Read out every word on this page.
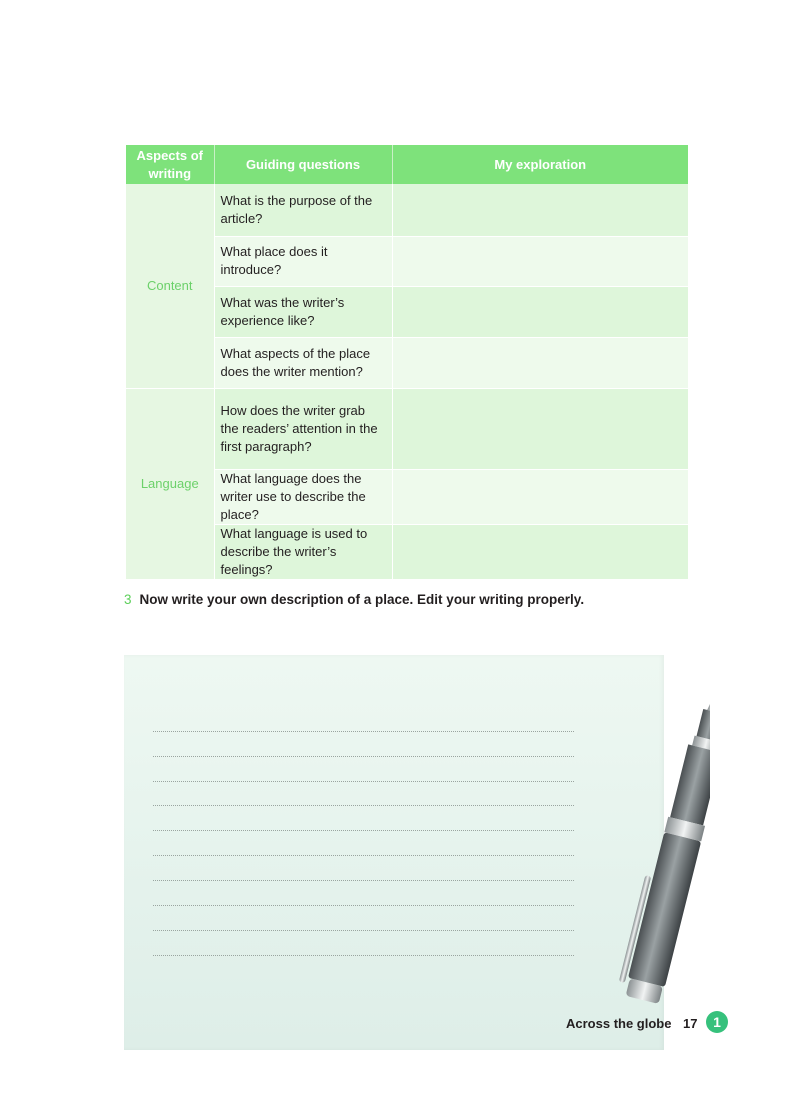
Aspects of writing	Guiding questions	My exploration
Content	What is the purpose of the article?	
	What place does it introduce?	
	What was the writer’s experience like?	
	What aspects of the place does the writer mention?	
Language	How does the writer grab the readers’ attention in the first paragraph?	
	What language does the writer use to describe the place?	
	What language is used to describe the writer’s feelings?	
3 Now write your own description of a place. Edit your writing properly.
Across the globe 17	1
